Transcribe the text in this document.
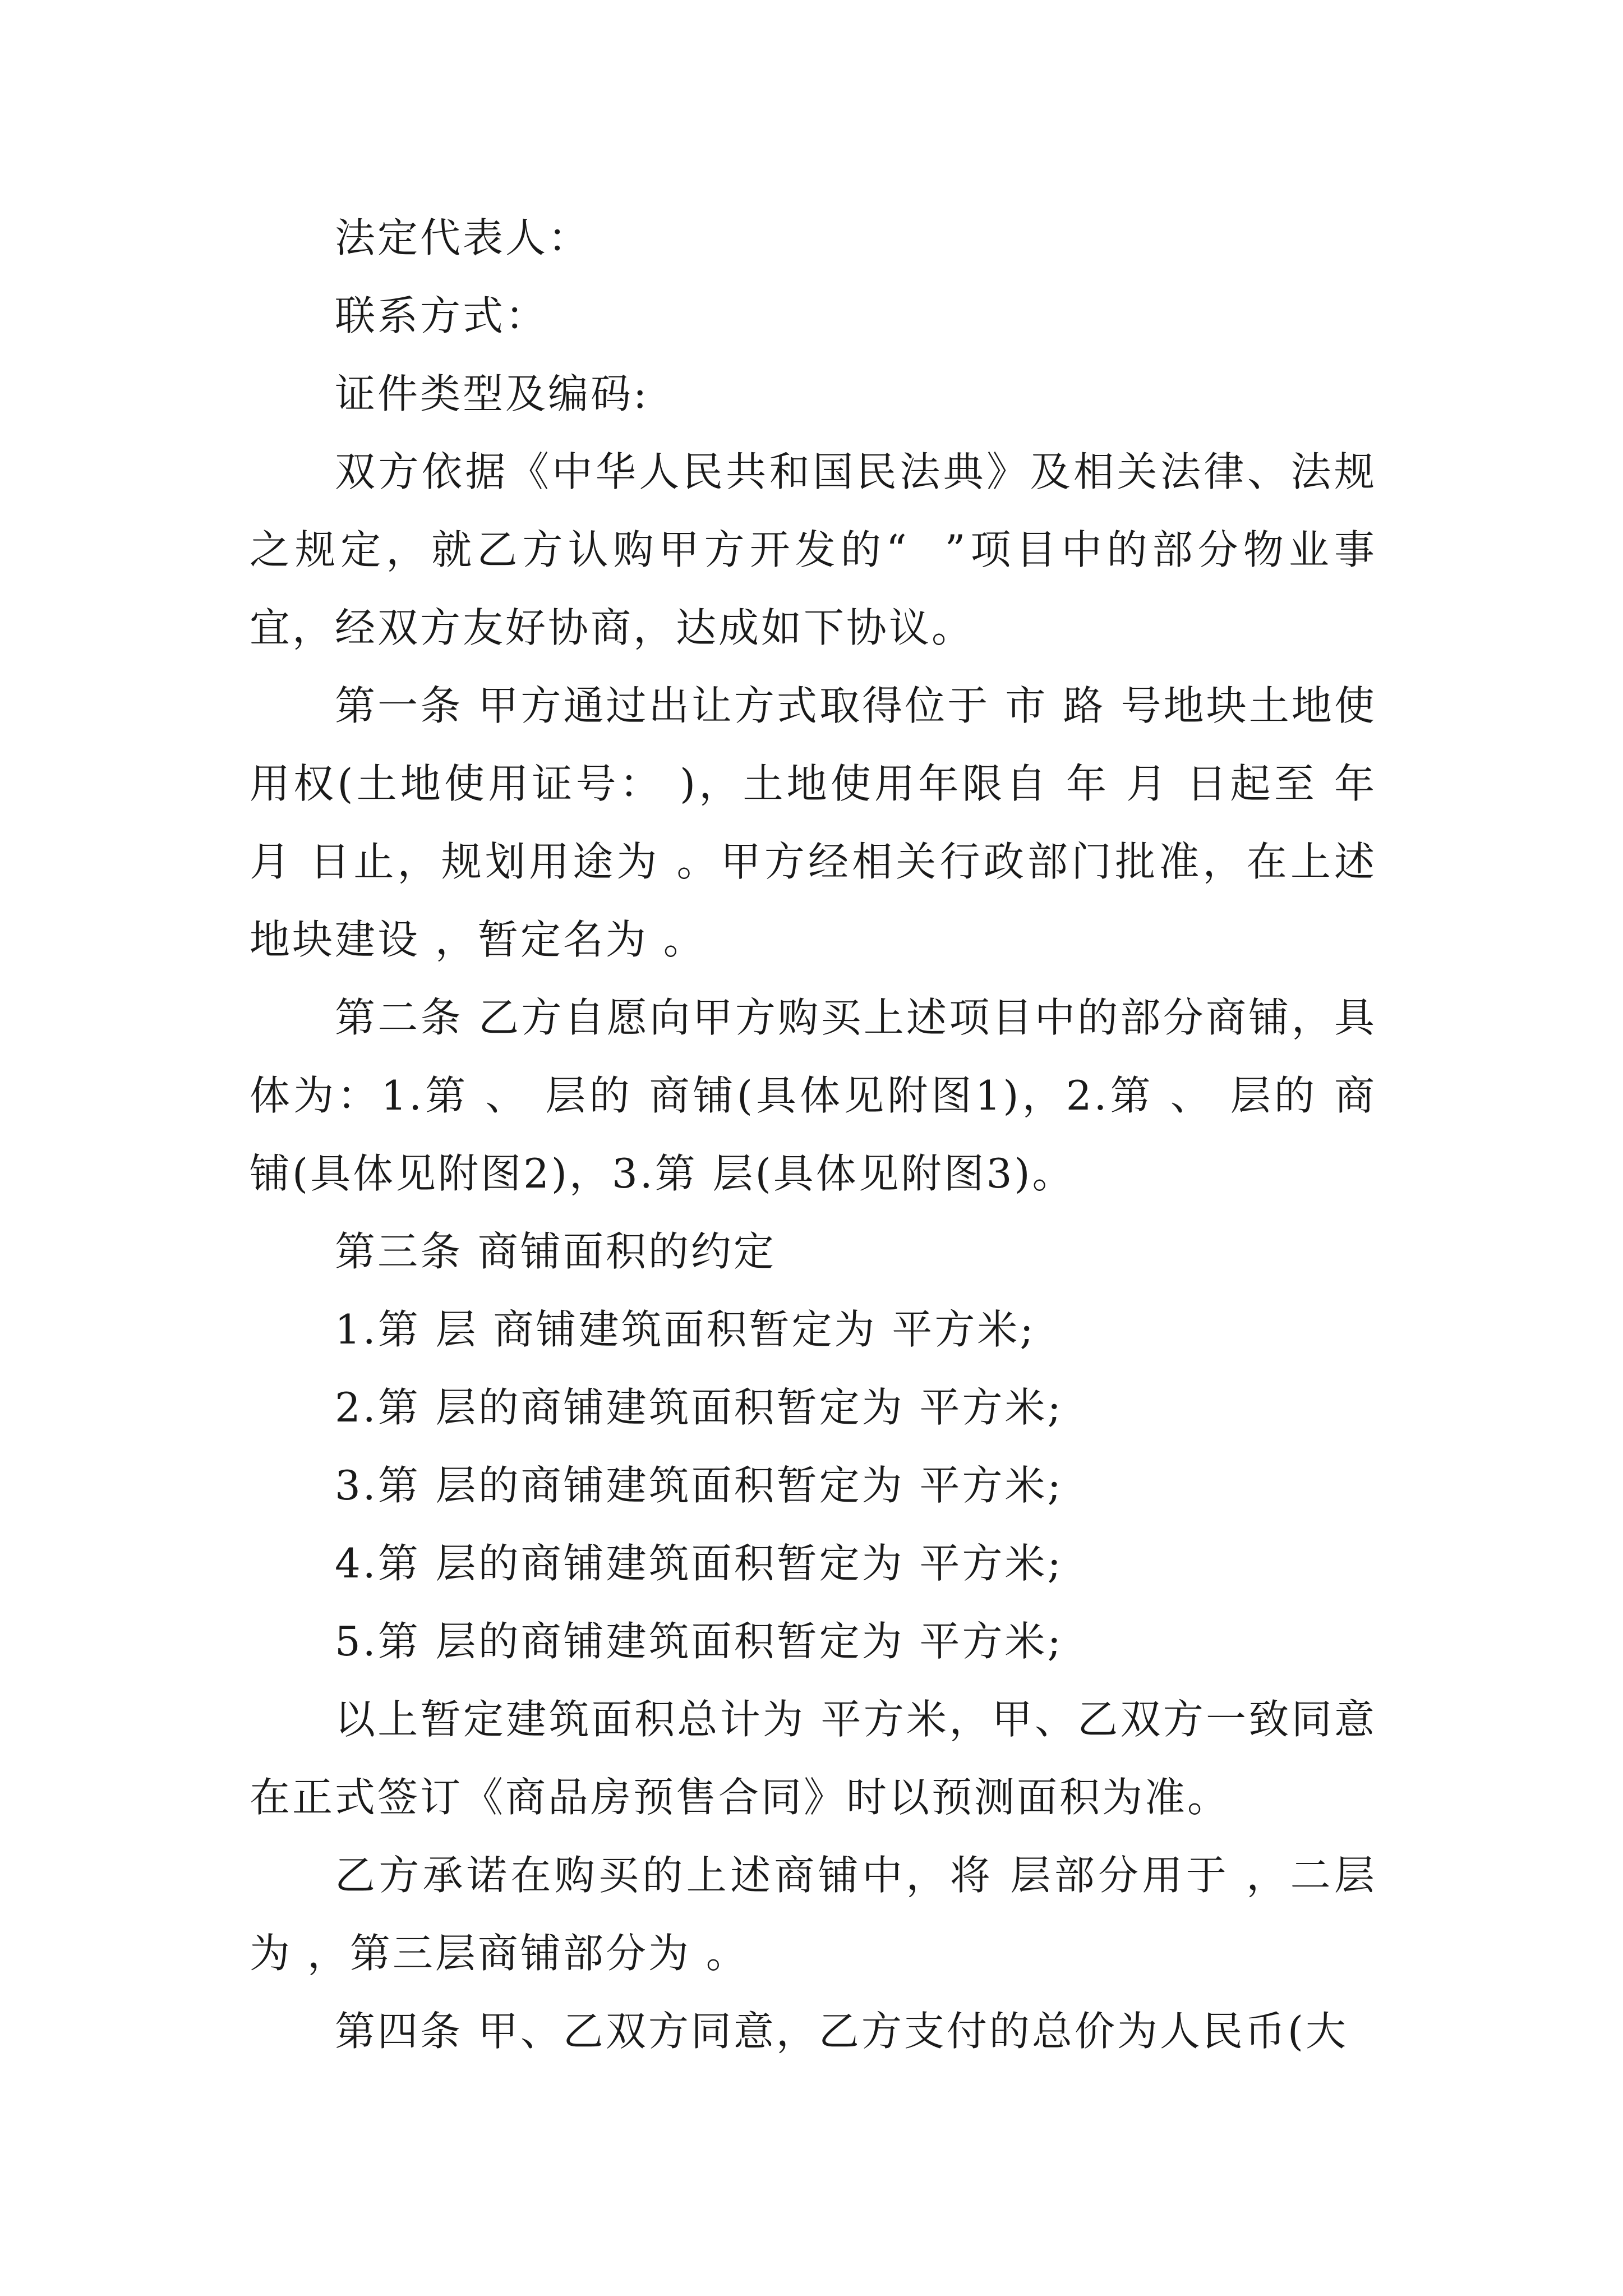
法定代表人：

联系方式：

证件类型及编码:

双方依据《中华人民共和国民法典》及相关法律、法规之规定，就乙方认购甲方开发的“  ”项目中的部分物业事宜，经双方友好协商，达成如下协议。

第一条 甲方通过出让方式取得位于 市 路 号地块土地使用权(土地使用证号： )，土地使用年限自 年 月 日起至 年 月 日止，规划用途为 。甲方经相关行政部门批准，在上述地块建设 ，暂定名为 。

第二条 乙方自愿向甲方购买上述项目中的部分商铺，具体为：1.第 、 层的 商铺(具体见附图1)，2.第 、 层的 商铺(具体见附图2)，3.第 层(具体见附图3)。

第三条 商铺面积的约定

1.第 层 商铺建筑面积暂定为 平方米;

2.第 层的商铺建筑面积暂定为 平方米;

3.第 层的商铺建筑面积暂定为 平方米;

4.第 层的商铺建筑面积暂定为 平方米;

5.第 层的商铺建筑面积暂定为 平方米;

以上暂定建筑面积总计为 平方米，甲、乙双方一致同意在正式签订《商品房预售合同》时以预测面积为准。

乙方承诺在购买的上述商铺中，将 层部分用于 ，二层为 ，第三层商铺部分为 。

第四条 甲、乙双方同意，乙方支付的总价为人民币(大
